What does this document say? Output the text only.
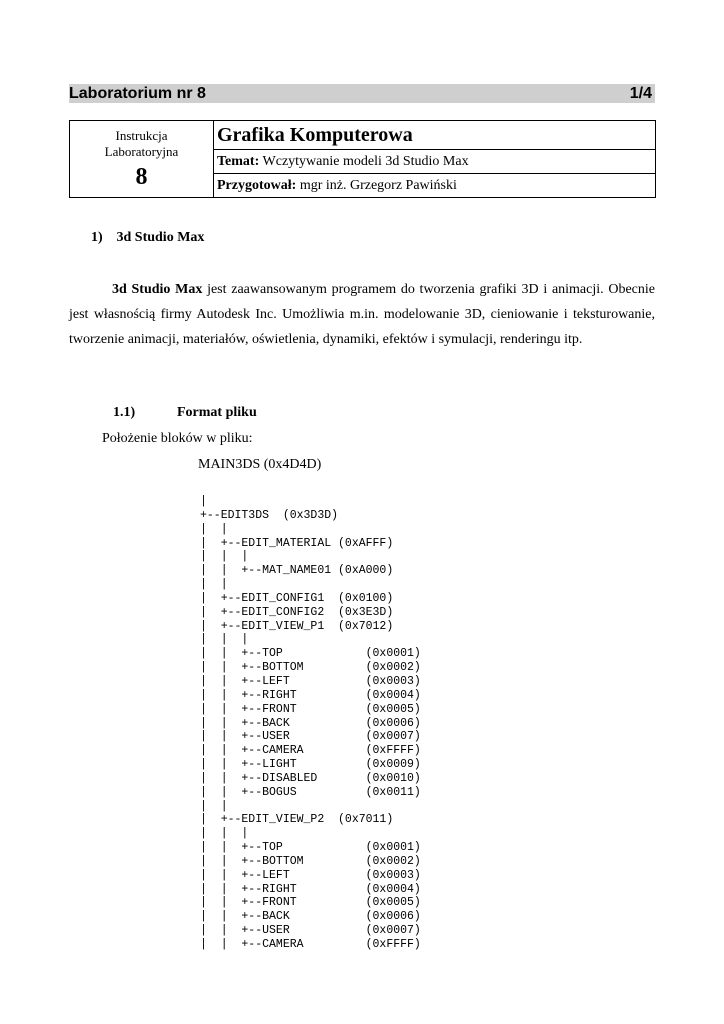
Laboratorium nr 8	1/4
Instrukcja
Laboratoryjna
8
	Grafika Komputerowa
Temat: Wczytywanie modeli 3d Studio Max
Przygotował: mgr inż. Grzegorz Pawiński
1) 3d Studio Max
3d Studio Max jest zaawansowanym programem do tworzenia grafiki 3D i animacji. Obecnie jest własnością firmy Autodesk Inc. Umożliwia m.in. modelowanie 3D, cieniowanie i teksturowanie, tworzenie animacji, materiałów, oświetlenia, dynamiki, efektów i symulacji, renderingu itp.
1.1)	Format pliku
Położenie bloków w pliku:
MAIN3DS (0x4D4D)
|
+--EDIT3DS  (0x3D3D)
|  |
|  +--EDIT_MATERIAL (0xAFFF)
|  |  |
|  |  +--MAT_NAME01 (0xA000)
|  |
|  +--EDIT_CONFIG1  (0x0100)
|  +--EDIT_CONFIG2  (0x3E3D)
|  +--EDIT_VIEW_P1  (0x7012)
|  |  |
|  |  +--TOP            (0x0001)
|  |  +--BOTTOM         (0x0002)
|  |  +--LEFT           (0x0003)
|  |  +--RIGHT          (0x0004)
|  |  +--FRONT          (0x0005)
|  |  +--BACK           (0x0006)
|  |  +--USER           (0x0007)
|  |  +--CAMERA         (0xFFFF)
|  |  +--LIGHT          (0x0009)
|  |  +--DISABLED       (0x0010)
|  |  +--BOGUS          (0x0011)
|  |
|  +--EDIT_VIEW_P2  (0x7011)
|  |  |
|  |  +--TOP            (0x0001)
|  |  +--BOTTOM         (0x0002)
|  |  +--LEFT           (0x0003)
|  |  +--RIGHT          (0x0004)
|  |  +--FRONT          (0x0005)
|  |  +--BACK           (0x0006)
|  |  +--USER           (0x0007)
|  |  +--CAMERA         (0xFFFF)
